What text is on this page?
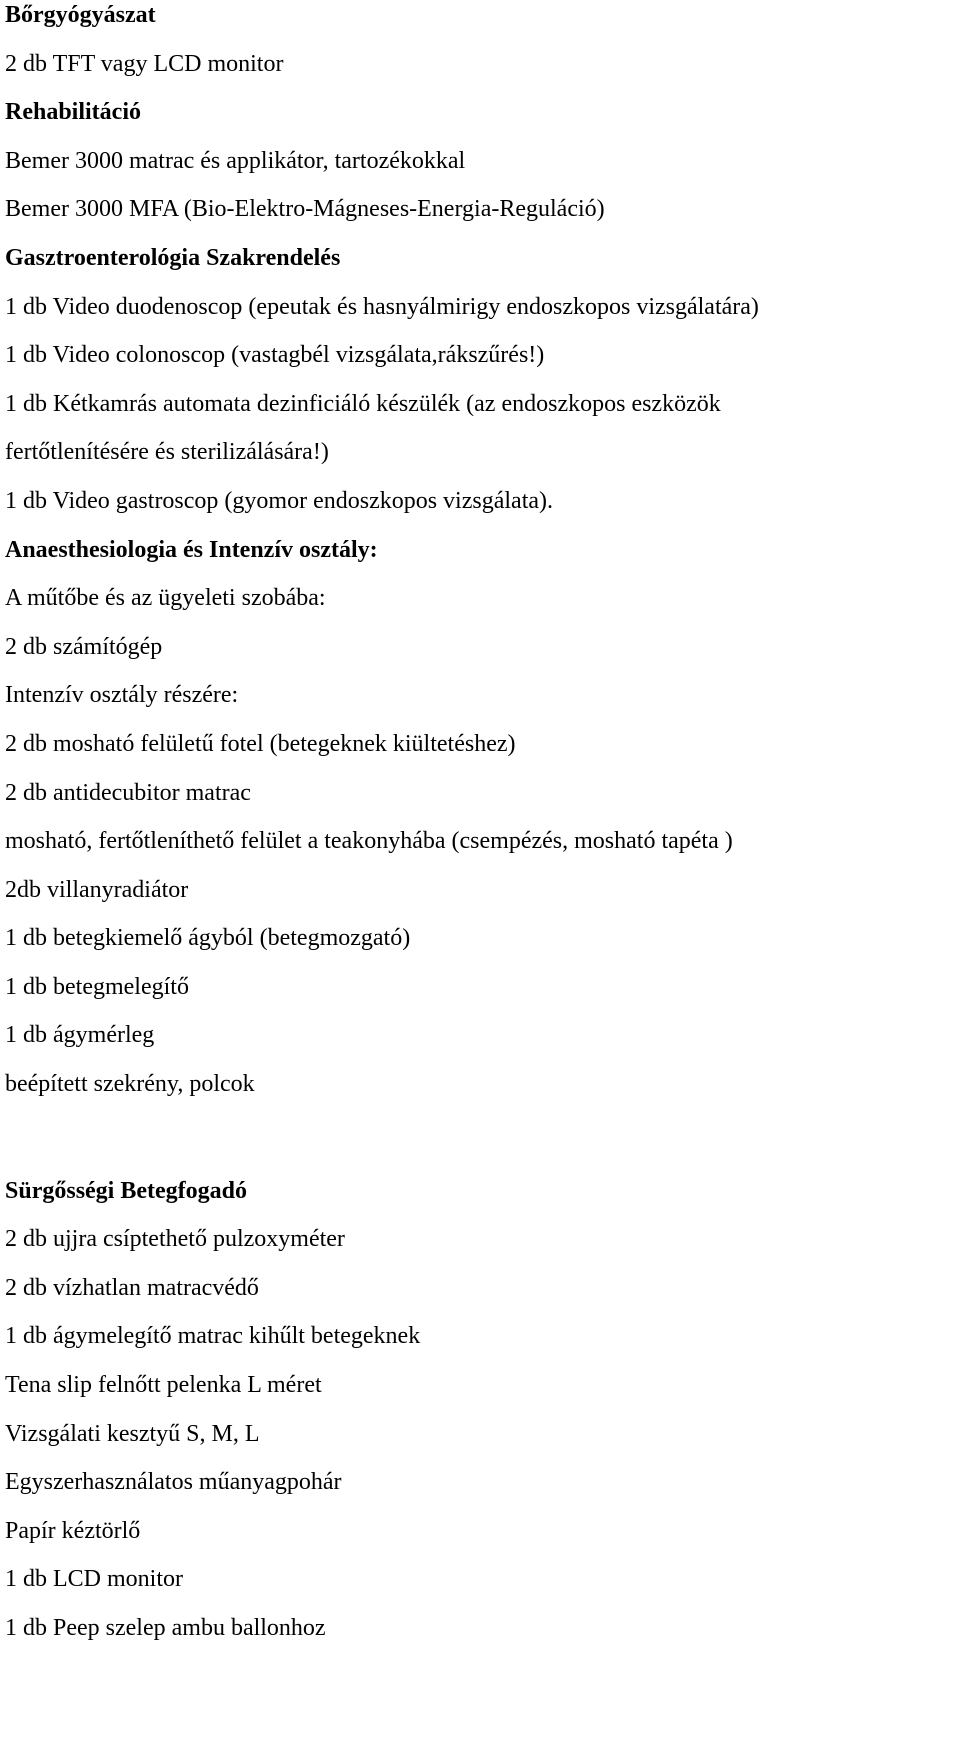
Bőrgyógyászat
2 db TFT vagy LCD monitor
Rehabilitáció
Bemer 3000 matrac és applikátor, tartozékokkal
Bemer 3000 MFA (Bio-Elektro-Mágneses-Energia-Reguláció)
Gasztroenterológia Szakrendelés
1 db Video duodenoscop (epeutak és hasnyálmirigy endoszkopos vizsgálatára)
1 db Video colonoscop (vastagbél vizsgálata,rákszűrés!)
1 db Kétkamrás automata dezinficiáló készülék (az endoszkopos eszközök
fertőtlenítésére és sterilizálására!)
1 db Video gastroscop (gyomor endoszkopos vizsgálata).
Anaesthesiologia és Intenzív osztály:
A műtőbe és az ügyeleti szobába:
2 db számítógép
Intenzív osztály részére:
2 db mosható felületű fotel (betegeknek kiültetéshez)
2 db antidecubitor matrac
mosható, fertőtleníthető felület a teakonyhába (csempézés, mosható tapéta )
2db villanyradiátor
1 db betegkiemelő ágyból (betegmozgató)
1 db betegmelegítő
1 db ágymérleg
beépített szekrény, polcok
Sürgősségi Betegfogadó
2 db ujjra csíptethető pulzoxyméter
2 db vízhatlan matracvédő
1 db ágymelegítő matrac kihűlt betegeknek
Tena slip felnőtt pelenka L méret
Vizsgálati kesztyű S, M, L
Egyszerhasználatos műanyagpohár
Papír kéztörlő
1 db LCD monitor
1 db Peep szelep ambu ballonhoz
